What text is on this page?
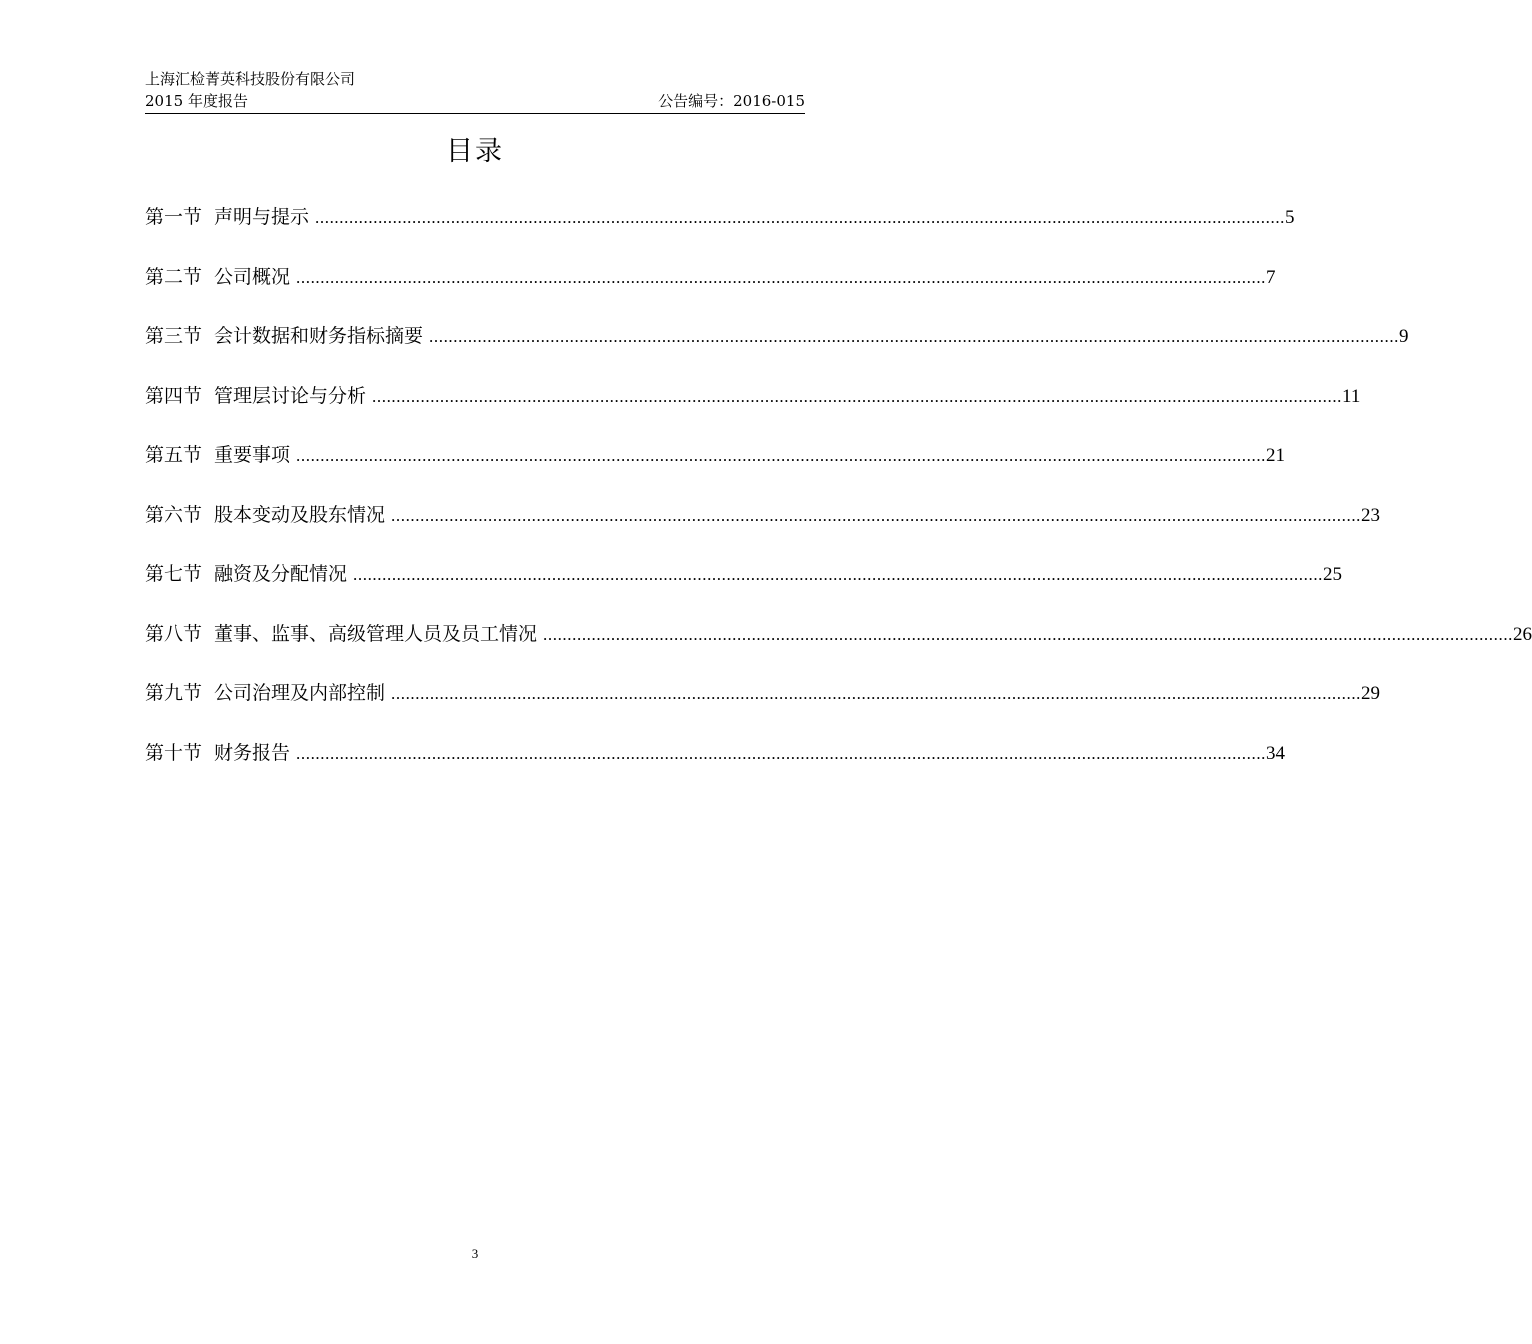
上海汇检菁英科技股份有限公司
2015 年度报告	公告编号：2016-015
目录
第一节 声明与提示 ........................................................................................................................................................................................................ 5
第二节 公司概况 ........................................................................................................................................................................................................ 7
第三节 会计数据和财务指标摘要 ........................................................................................................................................................................................................ 9
第四节 管理层讨论与分析 ........................................................................................................................................................................................................ 11
第五节 重要事项 ........................................................................................................................................................................................................ 21
第六节 股本变动及股东情况 ........................................................................................................................................................................................................ 23
第七节 融资及分配情况 ........................................................................................................................................................................................................ 25
第八节 董事、监事、高级管理人员及员工情况 ........................................................................................................................................................................................................ 26
第九节 公司治理及内部控制 ........................................................................................................................................................................................................ 29
第十节 财务报告 ........................................................................................................................................................................................................ 34
3
